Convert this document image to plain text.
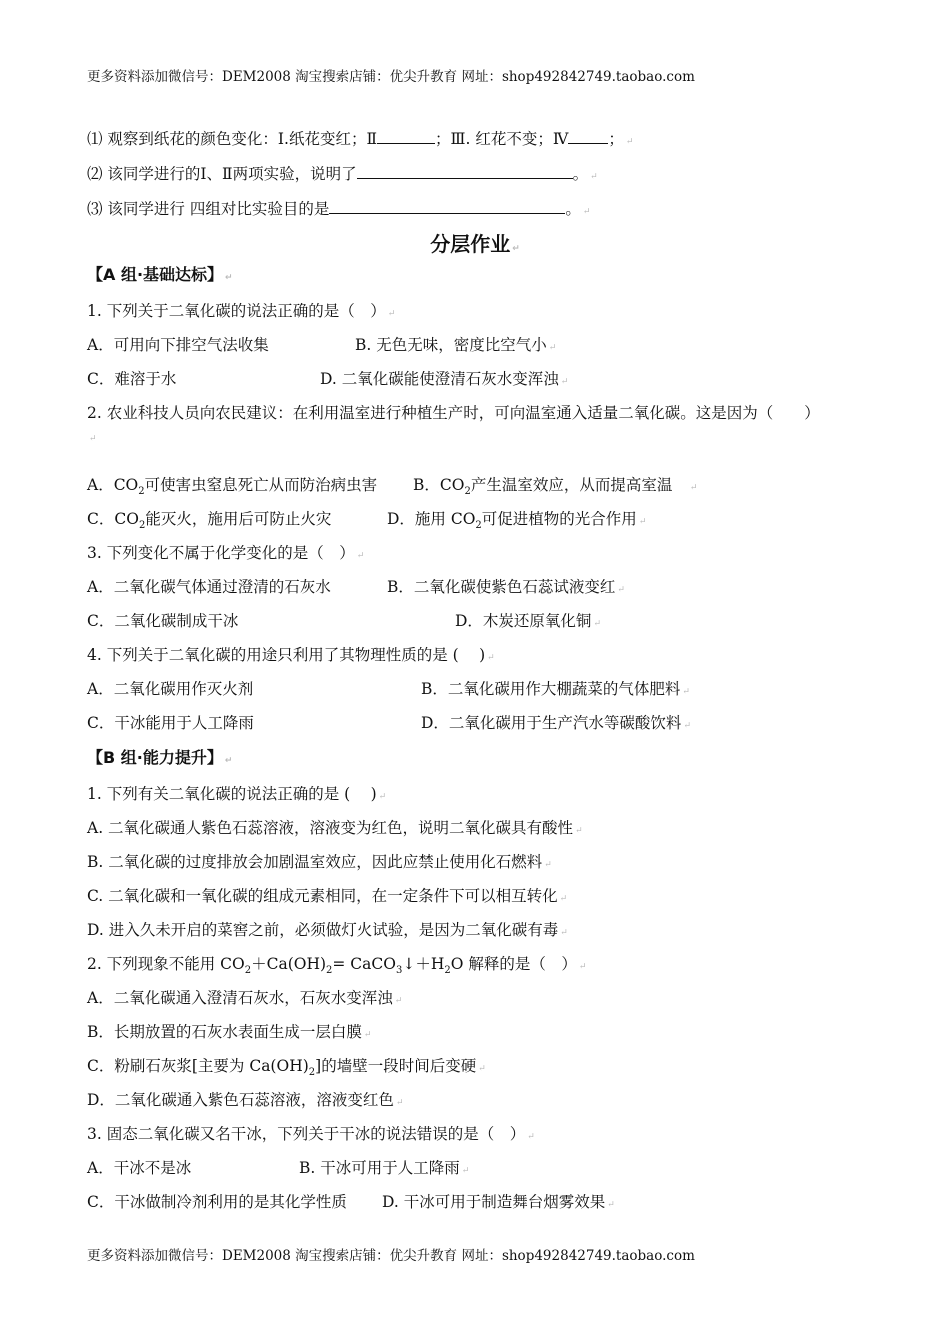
更多资料添加微信号：DEM2008 淘宝搜索店铺：优尖升教育 网址：shop492842749.taobao.com
⑴ 观察到纸花的颜色变化：Ⅰ.纸花变红；Ⅱ	；Ⅲ. 红花不变；Ⅳ	； ↵
⑵ 该同学进行的Ⅰ、Ⅱ两项实验，说明了	。 ↵
⑶ 该同学进行 四组对比实验目的是	。 ↵
分层作业 ↵
【A 组·基础达标】 ↵
1. 下列关于二氧化碳的说法正确的是（　） ↵
A．可用向下排空气法收集	B. 无色无味，密度比空气小 ↵
C．难溶于水	D. 二氧化碳能使澄清石灰水变浑浊 ↵
2. 农业科技人员向农民建议：在利用温室进行种植生产时，可向温室通入适量二氧化碳。这是因为（　　）
↵
A．$CO_2$可使害虫窒息死亡从而防治病虫害 B．$CO_2$产生温室效应，从而提高室温　 ↵
C．$CO_2$能灭火，施用后可防止火灾	D．施用 $CO_2$可促进植物的光合作用 ↵
3. 下列变化不属于化学变化的是（　） ↵
A．二氧化碳气体通过澄清的石灰水	B．二氧化碳使紫色石蕊试液变红 ↵
C．二氧化碳制成干冰	D．木炭还原氧化铜 ↵
4. 下列关于二氧化碳的用途只利用了其物理性质的是 (　 ) ↵
A．二氧化碳用作灭火剂	B．二氧化碳用作大棚蔬菜的气体肥料 ↵
C．干冰能用于人工降雨	D．二氧化碳用于生产汽水等碳酸饮料 ↵
【B 组·能力提升】 ↵
1. 下列有关二氧化碳的说法正确的是 (　 ) ↵
A. 二氧化碳通人紫色石蕊溶液，溶液变为红色，说明二氧化碳具有酸性 ↵
B. 二氧化碳的过度排放会加剧温室效应，因此应禁止使用化石燃料 ↵
C. 二氧化碳和一氧化碳的组成元素相同，在一定条件下可以相互转化 ↵
D. 进入久未开启的菜窖之前，必须做灯火试验，是因为二氧化碳有毒 ↵
2. 下列现象不能用 $CO_2+Ca(OH)_2=$ $CaCO_3↓+H_2O$ 解释的是（　） ↵
A．二氧化碳通入澄清石灰水，石灰水变浑浊 ↵
B．长期放置的石灰水表面生成一层白膜 ↵
C．粉刷石灰浆[主要为 $Ca(OH)_2$]的墙壁一段时间后变硬 ↵
D．二氧化碳通入紫色石蕊溶液，溶液变红色 ↵
3. 固态二氧化碳又名干冰，下列关于干冰的说法错误的是（　） ↵
A．干冰不是冰	B. 干冰可用于人工降雨 ↵
C．干冰做制冷剂利用的是其化学性质 D. 干冰可用于制造舞台烟雾效果 ↵
更多资料添加微信号：DEM2008 淘宝搜索店铺：优尖升教育 网址：shop492842749.taobao.com
